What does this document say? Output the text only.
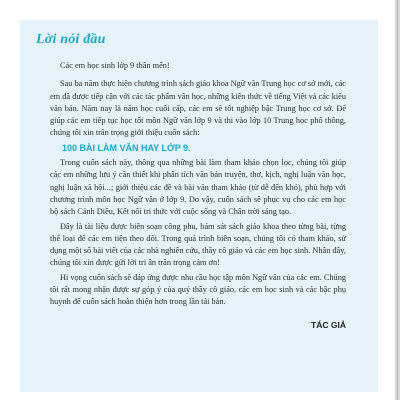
Lời nói đầu

Các em học sinh lớp 9 thân mến!

Sau ba năm thực hiện chương trình sách giáo khoa Ngữ văn Trung học cơ sở mới, các em đã được tiếp cận với các tác phẩm văn học, những kiến thức về tiếng Việt và các kiểu văn bản. Năm nay là năm học cuối cấp, các em sẽ tốt nghiệp bậc Trung học cơ sở. Để giúp các em tiếp tục học tốt môn Ngữ văn lớp 9 và thi vào lớp 10 Trung học phổ thông, chúng tôi xin trân trọng giới thiệu cuốn sách:

100 BÀI LÀM VĂN HAY LỚP 9.

Trong cuốn sách này, thông qua những bài làm tham khảo chọn lọc, chúng tôi giúp các em những lưu ý cần thiết khi phân tích văn bản truyện, thơ, kịch, nghị luận văn học, nghị luận xã hội...; giới thiệu các đề và bài văn tham khảo (từ dễ đến khó), phù hợp với chương trình môn học Ngữ văn ở lớp 9. Do vậy, cuốn sách sẽ phục vụ cho các em học bộ sách Cánh Diều, Kết nối tri thức với cuộc sống và Chân trời sáng tạo.

Đây là tài liệu được biên soạn công phu, bám sát sách giáo khoa theo từng bài, từng thể loại để các em tiện theo dõi. Trong quá trình biên soạn, chúng tôi có tham khảo, sử dụng một số bài viết của các nhà nghiên cứu, thầy cô giáo và các em học sinh. Nhân đây, chúng tôi xin được gửi lời tri ân trân trọng cảm ơn!

Hi vọng cuốn sách sẽ đáp ứng được nhu cầu học tập môn Ngữ văn của các em. Chúng tôi rất mong nhận được sự góp ý của quý thầy cô giáo, các em học sinh và các bậc phụ huynh để cuốn sách hoàn thiện hơn trong lần tái bản.

TÁC GIẢ
